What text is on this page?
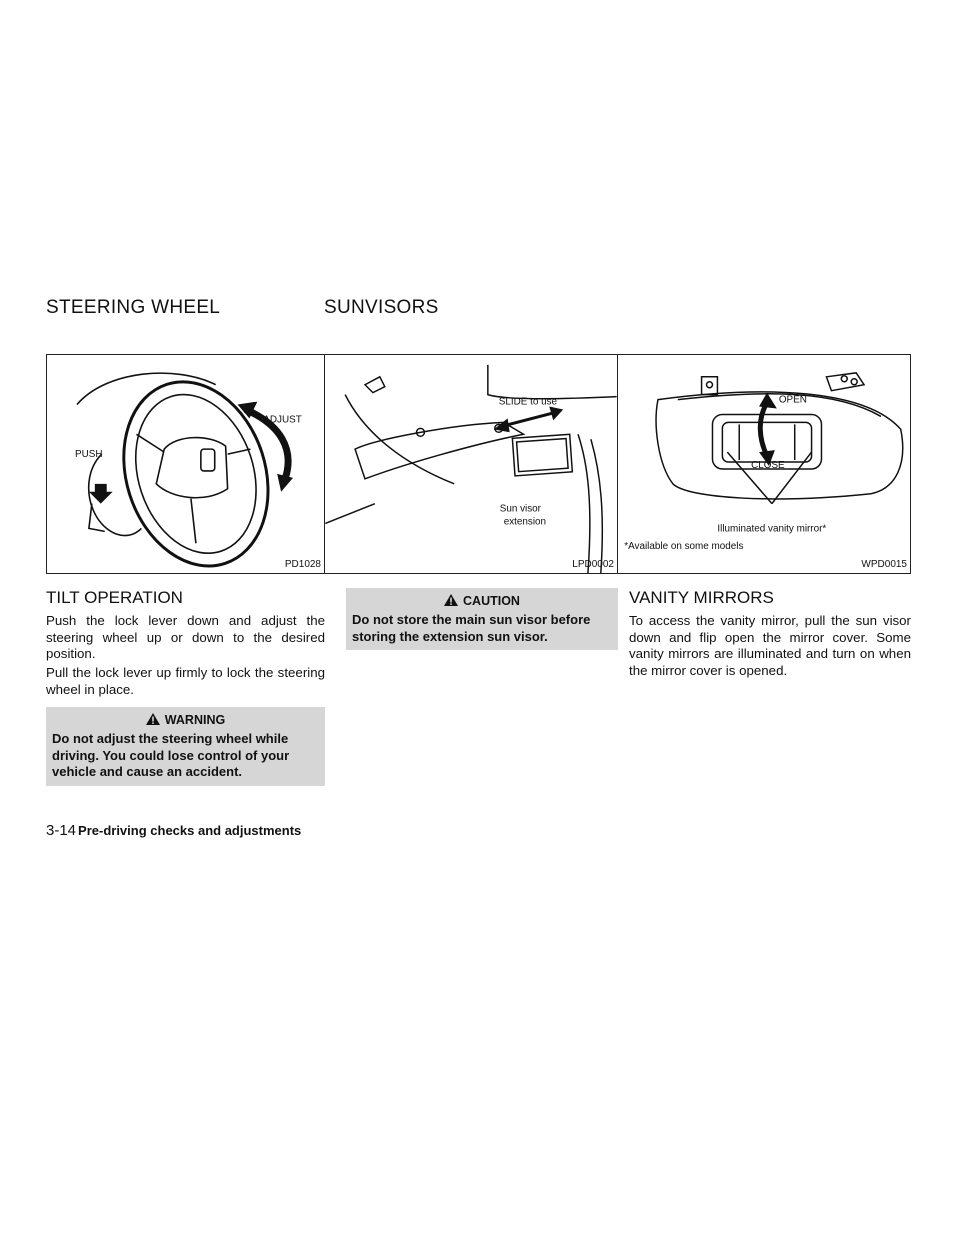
STEERING WHEEL	SUNVISORS
ADJUST
PUSH
PD1028
SLIDE to use
Sun visor
extension
LPD0002
OPEN
CLOSE
Illuminated vanity mirror*
*Available on some models
WPD0015
TILT OPERATION

Push the lock lever down and adjust the steering wheel up or down to the desired position.

Pull the lock lever up firmly to lock the steering wheel in place.

WARNING
Do not adjust the steering wheel while driving. You could lose control of your vehicle and cause an accident.
CAUTION
Do not store the main sun visor before storing the extension sun visor.
VANITY MIRRORS

To access the vanity mirror, pull the sun visor down and flip open the mirror cover. Some vanity mirrors are illuminated and turn on when the mirror cover is opened.

3-14 Pre-driving checks and adjustments
